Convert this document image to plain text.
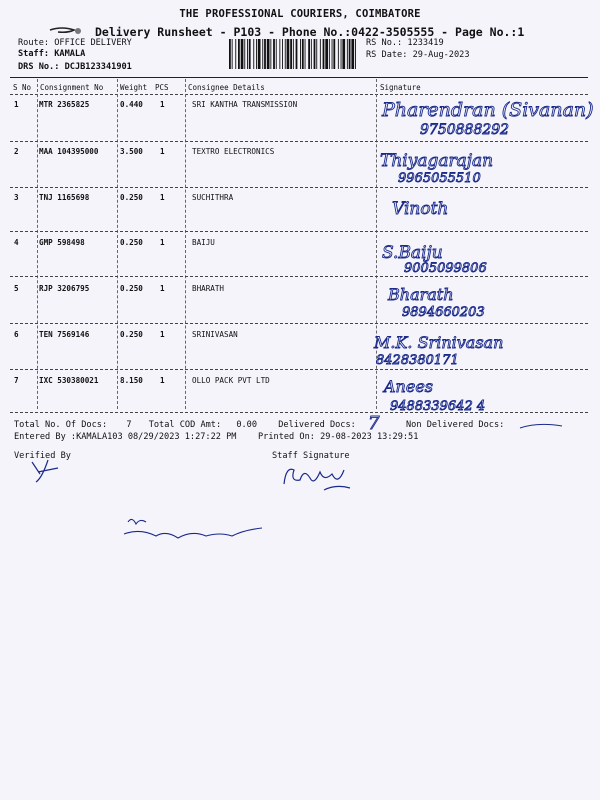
THE PROFESSIONAL COURIERS, COIMBATORE
Delivery Runsheet - P103 - Phone No.:0422-3505555 - Page No.:1
Route: OFFICE DELIVERY
Staff: KAMALA
DRS No.: DCJB123341901
RS No.: 1233419
RS Date: 29-Aug-2023
S No Consignment No Weight PCS	Consignee Details	Signature
1	MTR 2365825	0.440 1	SRI KANTHA TRANSMISSION	Pharendran (Sivanan)
9750888292
2	MAA 104395000	3.500 1	TEXTRO ELECTRONICS	Thiyagarajan
9965055510
3	TNJ 1165698	0.250 1	SUCHITHRA
Vinoth
4	GMP 598498	0.250 1	BAIJU
S.Baiju
9005099806
5	RJP 3206795	0.250 1	BHARATH	Bharath
9894660203
6	TEN 7569146	0.250 1	SRINIVASAN	M.K. Srinivasan
8428380171
7	IXC 530380021	8.150 1	OLLO PACK PVT LTD	Anees
9488339642 4
Total No. Of Docs: 7 Total COD Amt: 0.00 Delivered Docs: 7	Non Delivered Docs:
Entered By :KAMALA103 08/29/2023 1:27:22 PM	Printed On: 29-08-2023 13:29:51
Verified By	Staff Signature
